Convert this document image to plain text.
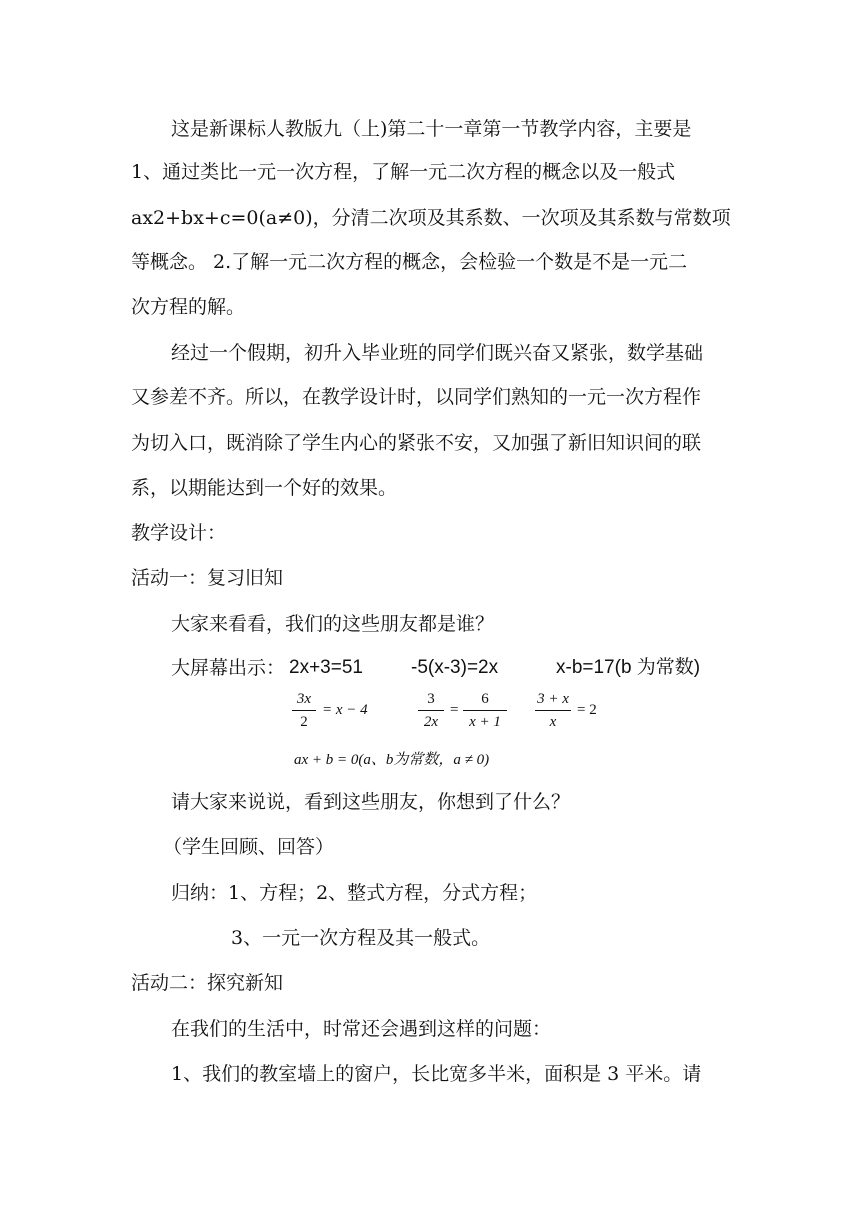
这是新课标人教版九（上)第二十一章第一节教学内容，主要是
1、通过类比一元一次方程，了解一元二次方程的概念以及一般式
ax2+bx+c=0(a≠0)，分清二次项及其系数、一次项及其系数与常数项
等概念。 2.了解一元二次方程的概念，会检验一个数是不是一元二
次方程的解。
经过一个假期，初升入毕业班的同学们既兴奋又紧张，数学基础
又参差不齐。所以，在教学设计时，以同学们熟知的一元一次方程作
为切入口，既消除了学生内心的紧张不安，又加强了新旧知识间的联
系，以期能达到一个好的效果。
教学设计：
活动一：复习旧知
大家来看看，我们的这些朋友都是谁？
大屏幕出示： 2x+3=51	-5(x-3)=2x	x-b=17(b 为常数)
3x
2
= x − 4
3
2x
=
6
x + 1
3 + x
x
= 2
ax + b = 0(a、b为常数，a ≠ 0)
请大家来说说，看到这些朋友，你想到了什么？
（学生回顾、回答）
归纳：1、方程；2、整式方程，分式方程；
3、一元一次方程及其一般式。
活动二：探究新知
在我们的生活中，时常还会遇到这样的问题：
1、我们的教室墙上的窗户，长比宽多半米，面积是 3 平米。请
